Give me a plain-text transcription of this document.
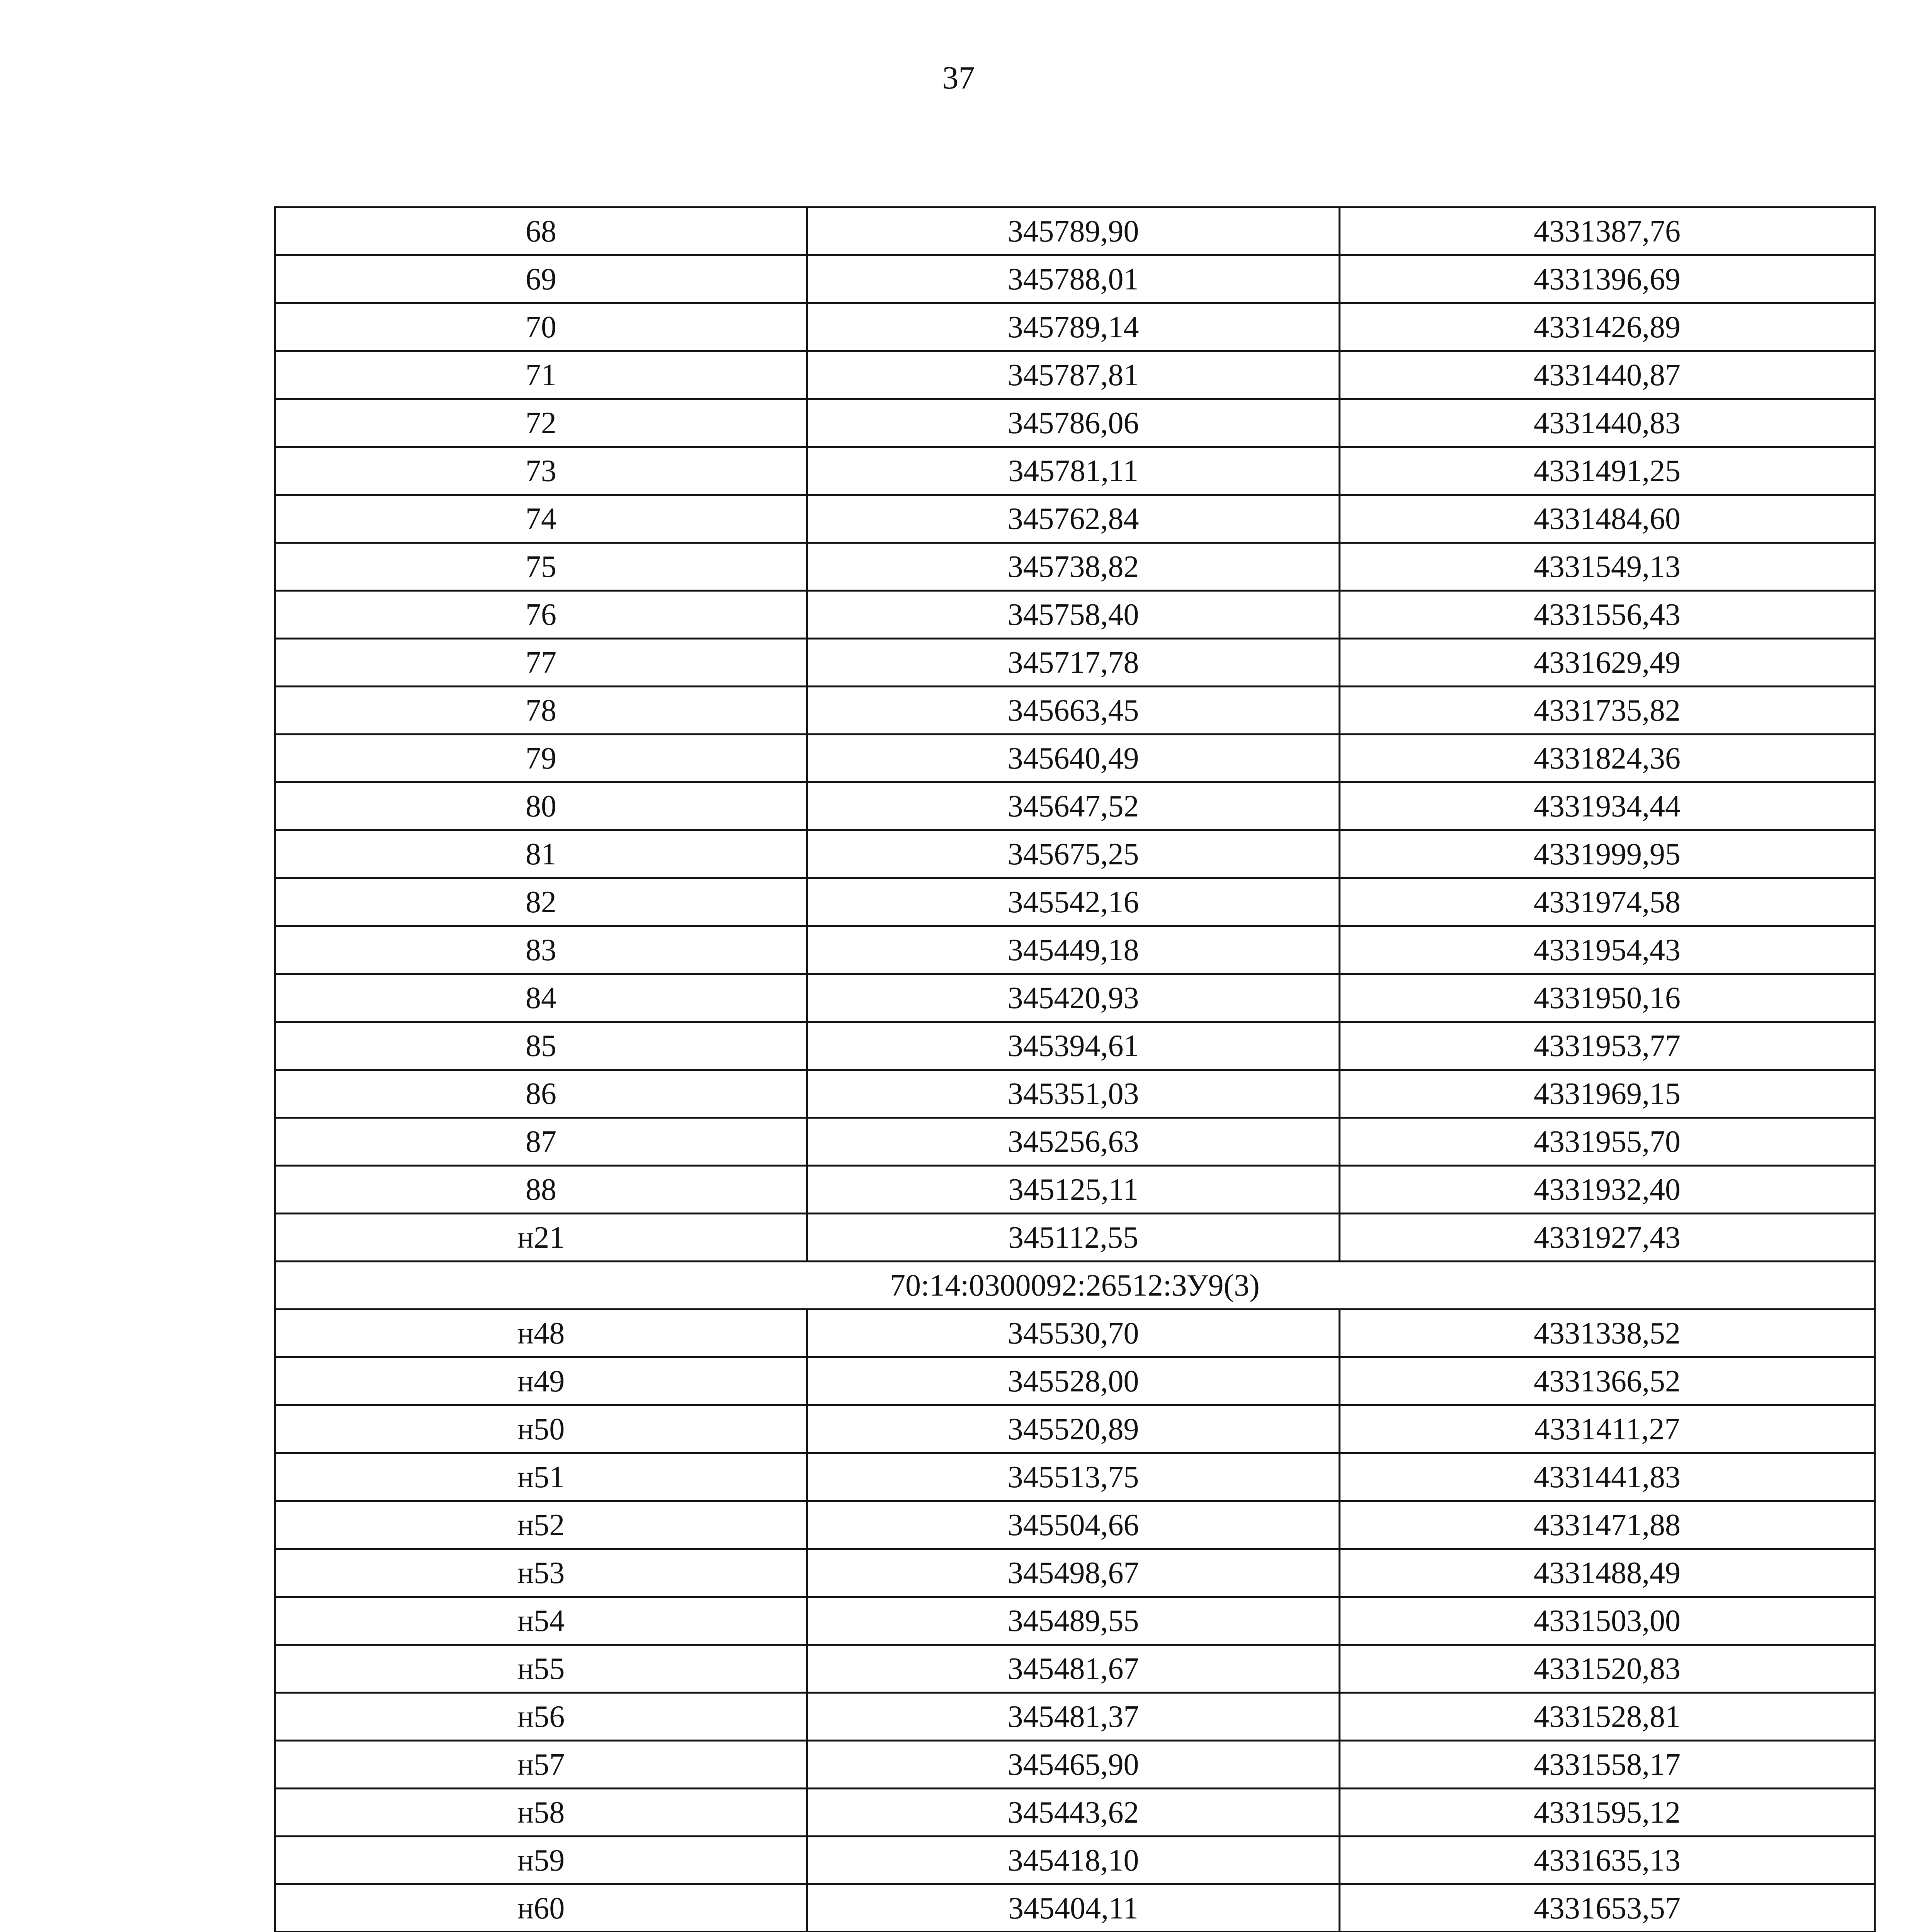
37
68	345789,90	4331387,76
69	345788,01	4331396,69
70	345789,14	4331426,89
71	345787,81	4331440,87
72	345786,06	4331440,83
73	345781,11	4331491,25
74	345762,84	4331484,60
75	345738,82	4331549,13
76	345758,40	4331556,43
77	345717,78	4331629,49
78	345663,45	4331735,82
79	345640,49	4331824,36
80	345647,52	4331934,44
81	345675,25	4331999,95
82	345542,16	4331974,58
83	345449,18	4331954,43
84	345420,93	4331950,16
85	345394,61	4331953,77
86	345351,03	4331969,15
87	345256,63	4331955,70
88	345125,11	4331932,40
н21	345112,55	4331927,43
70:14:0300092:26512:ЗУ9(3)		
н48	345530,70	4331338,52
н49	345528,00	4331366,52
н50	345520,89	4331411,27
н51	345513,75	4331441,83
н52	345504,66	4331471,88
н53	345498,67	4331488,49
н54	345489,55	4331503,00
н55	345481,67	4331520,83
н56	345481,37	4331528,81
н57	345465,90	4331558,17
н58	345443,62	4331595,12
н59	345418,10	4331635,13
н60	345404,11	4331653,57
